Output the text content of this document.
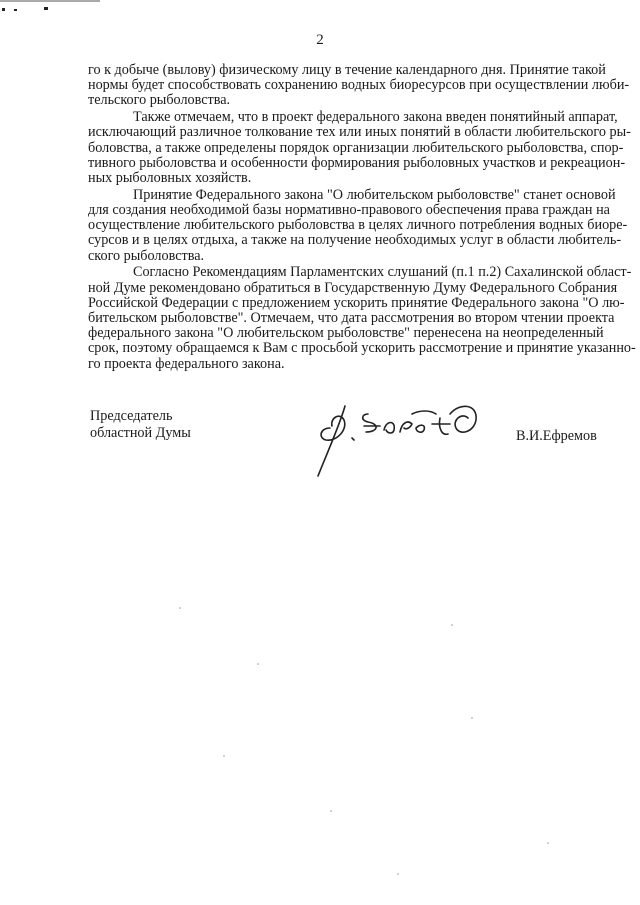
2

го к добыче (вылову) физическому лицу в течение календарного дня. Принятие такой
нормы будет способствовать сохранению водных биоресурсов при осуществлении люби-
тельского рыболовства.

Также отмечаем, что в проект федерального закона введен понятийный аппарат,
исключающий различное толкование тех или иных понятий в области любительского ры-
боловства, а также определены порядок организации любительского рыболовства, спор-
тивного рыболовства и особенности формирования рыболовных участков и рекреацион-
ных рыболовных хозяйств.

Принятие Федерального закона "О любительском рыболовстве" станет основой
для создания необходимой базы нормативно-правового обеспечения права граждан на
осуществление любительского рыболовства в целях личного потребления водных биоре-
сурсов и в целях отдыха, а также на получение необходимых услуг в области любитель-
ского рыболовства.

Согласно Рекомендациям Парламентских слушаний (п.1 п.2) Сахалинской област-
ной Думе рекомендовано обратиться в Государственную Думу Федерального Собрания
Российской Федерации с предложением ускорить принятие Федерального закона "О лю-
бительском рыболовстве". Отмечаем, что дата рассмотрения во втором чтении проекта
федерального закона "О любительском рыболовстве" перенесена на неопределенный
срок, поэтому обращаемся к Вам с просьбой ускорить рассмотрение и принятие указанно-
го проекта федерального закона.

Председатель
областной Думы	В.И.Ефремов
